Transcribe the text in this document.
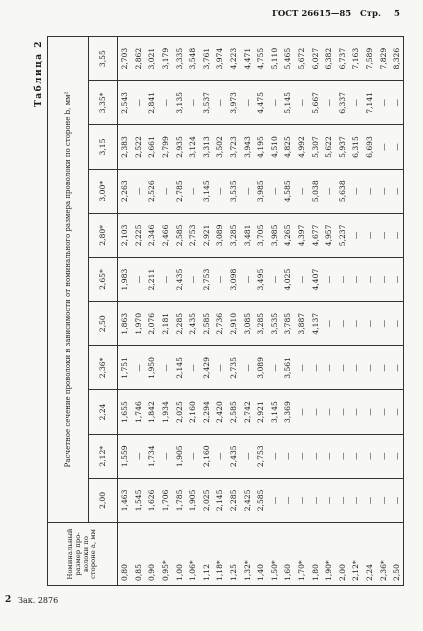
ГОСТ 26615—85 Стр. 5
Таблица 2
Номинальный размер про-волоки по стороне а, мм	Расчетное сечение проволоки в зависимости от номинального размера проволоки по стороне b, мм²										
	2,00	2,12*	2,24	2,36*	2,50	2,65*	2,80*	3,00*	3,15	3,35*	3,55
0,80	1,463	1,559	1,655	1,751	1,863	1,983	2,103	2,263	2,383	2,543	2,703
0,85	1,545	—	1,746	—	1,970	—	2,225	—	2,522	—	2,862
0,90	1,626	1,734	1,842	1,950	2,076	2,211	2,346	2,526	2,661	2,841	3,021
0,95*	1,706	—	1,934	—	2,181	—	2,466	—	2,799	—	3,179
1,00	1,785	1,905	2,025	2,145	2,285	2,435	2,585	2,785	2,935	3,135	3,335
1,06*	1,905	—	2,160	—	2,435	—	2,753	—	3,124	—	3,548
1,12	2,025	2,160	2,294	2,429	2,585	2,753	2,921	3,145	3,313	3,537	3,761
1,18*	2,145	—	2,420	—	2,736	—	3,089	—	3,502	—	3,974
1,25	2,285	2,435	2,585	2,735	2,910	3,098	3,285	3,535	3,723	3,973	4,223
1,32*	2,425	—	2,742	—	3,085	—	3,481	—	3,943	—	4,471
1,40	2,585	2,753	2,921	3,089	3,285	3,495	3,705	3,985	4,195	4,475	4,755
1,50*	—	—	3,145	—	3,535	—	3,985	—	4,510	—	5,110
1,60	—	—	3,369	3,561	3,785	4,025	4,265	4,585	4,825	5,145	5,465
1,70*	—	—	—	—	3,887	—	4,397	—	4,992	—	5,672
1,80	—	—	—	—	4,137	4,407	4,677	5,038	5,307	5,667	6,027
1,90*	—	—	—	—	—	—	4,957	—	5,622	—	6,382
2,00	—	—	—	—	—	—	5,237	5,638	5,937	6,337	6,737
2,12*	—	—	—	—	—	—	—	—	6,315	—	7,163
2,24	—	—	—	—	—	—	—	—	6,693	7,141	7,589
2,36*	—	—	—	—	—	—	—	—	—	—	7,829
2,50	—	—	—	—	—	—	—	—	—	—	8,326
2 Зак. 2876
